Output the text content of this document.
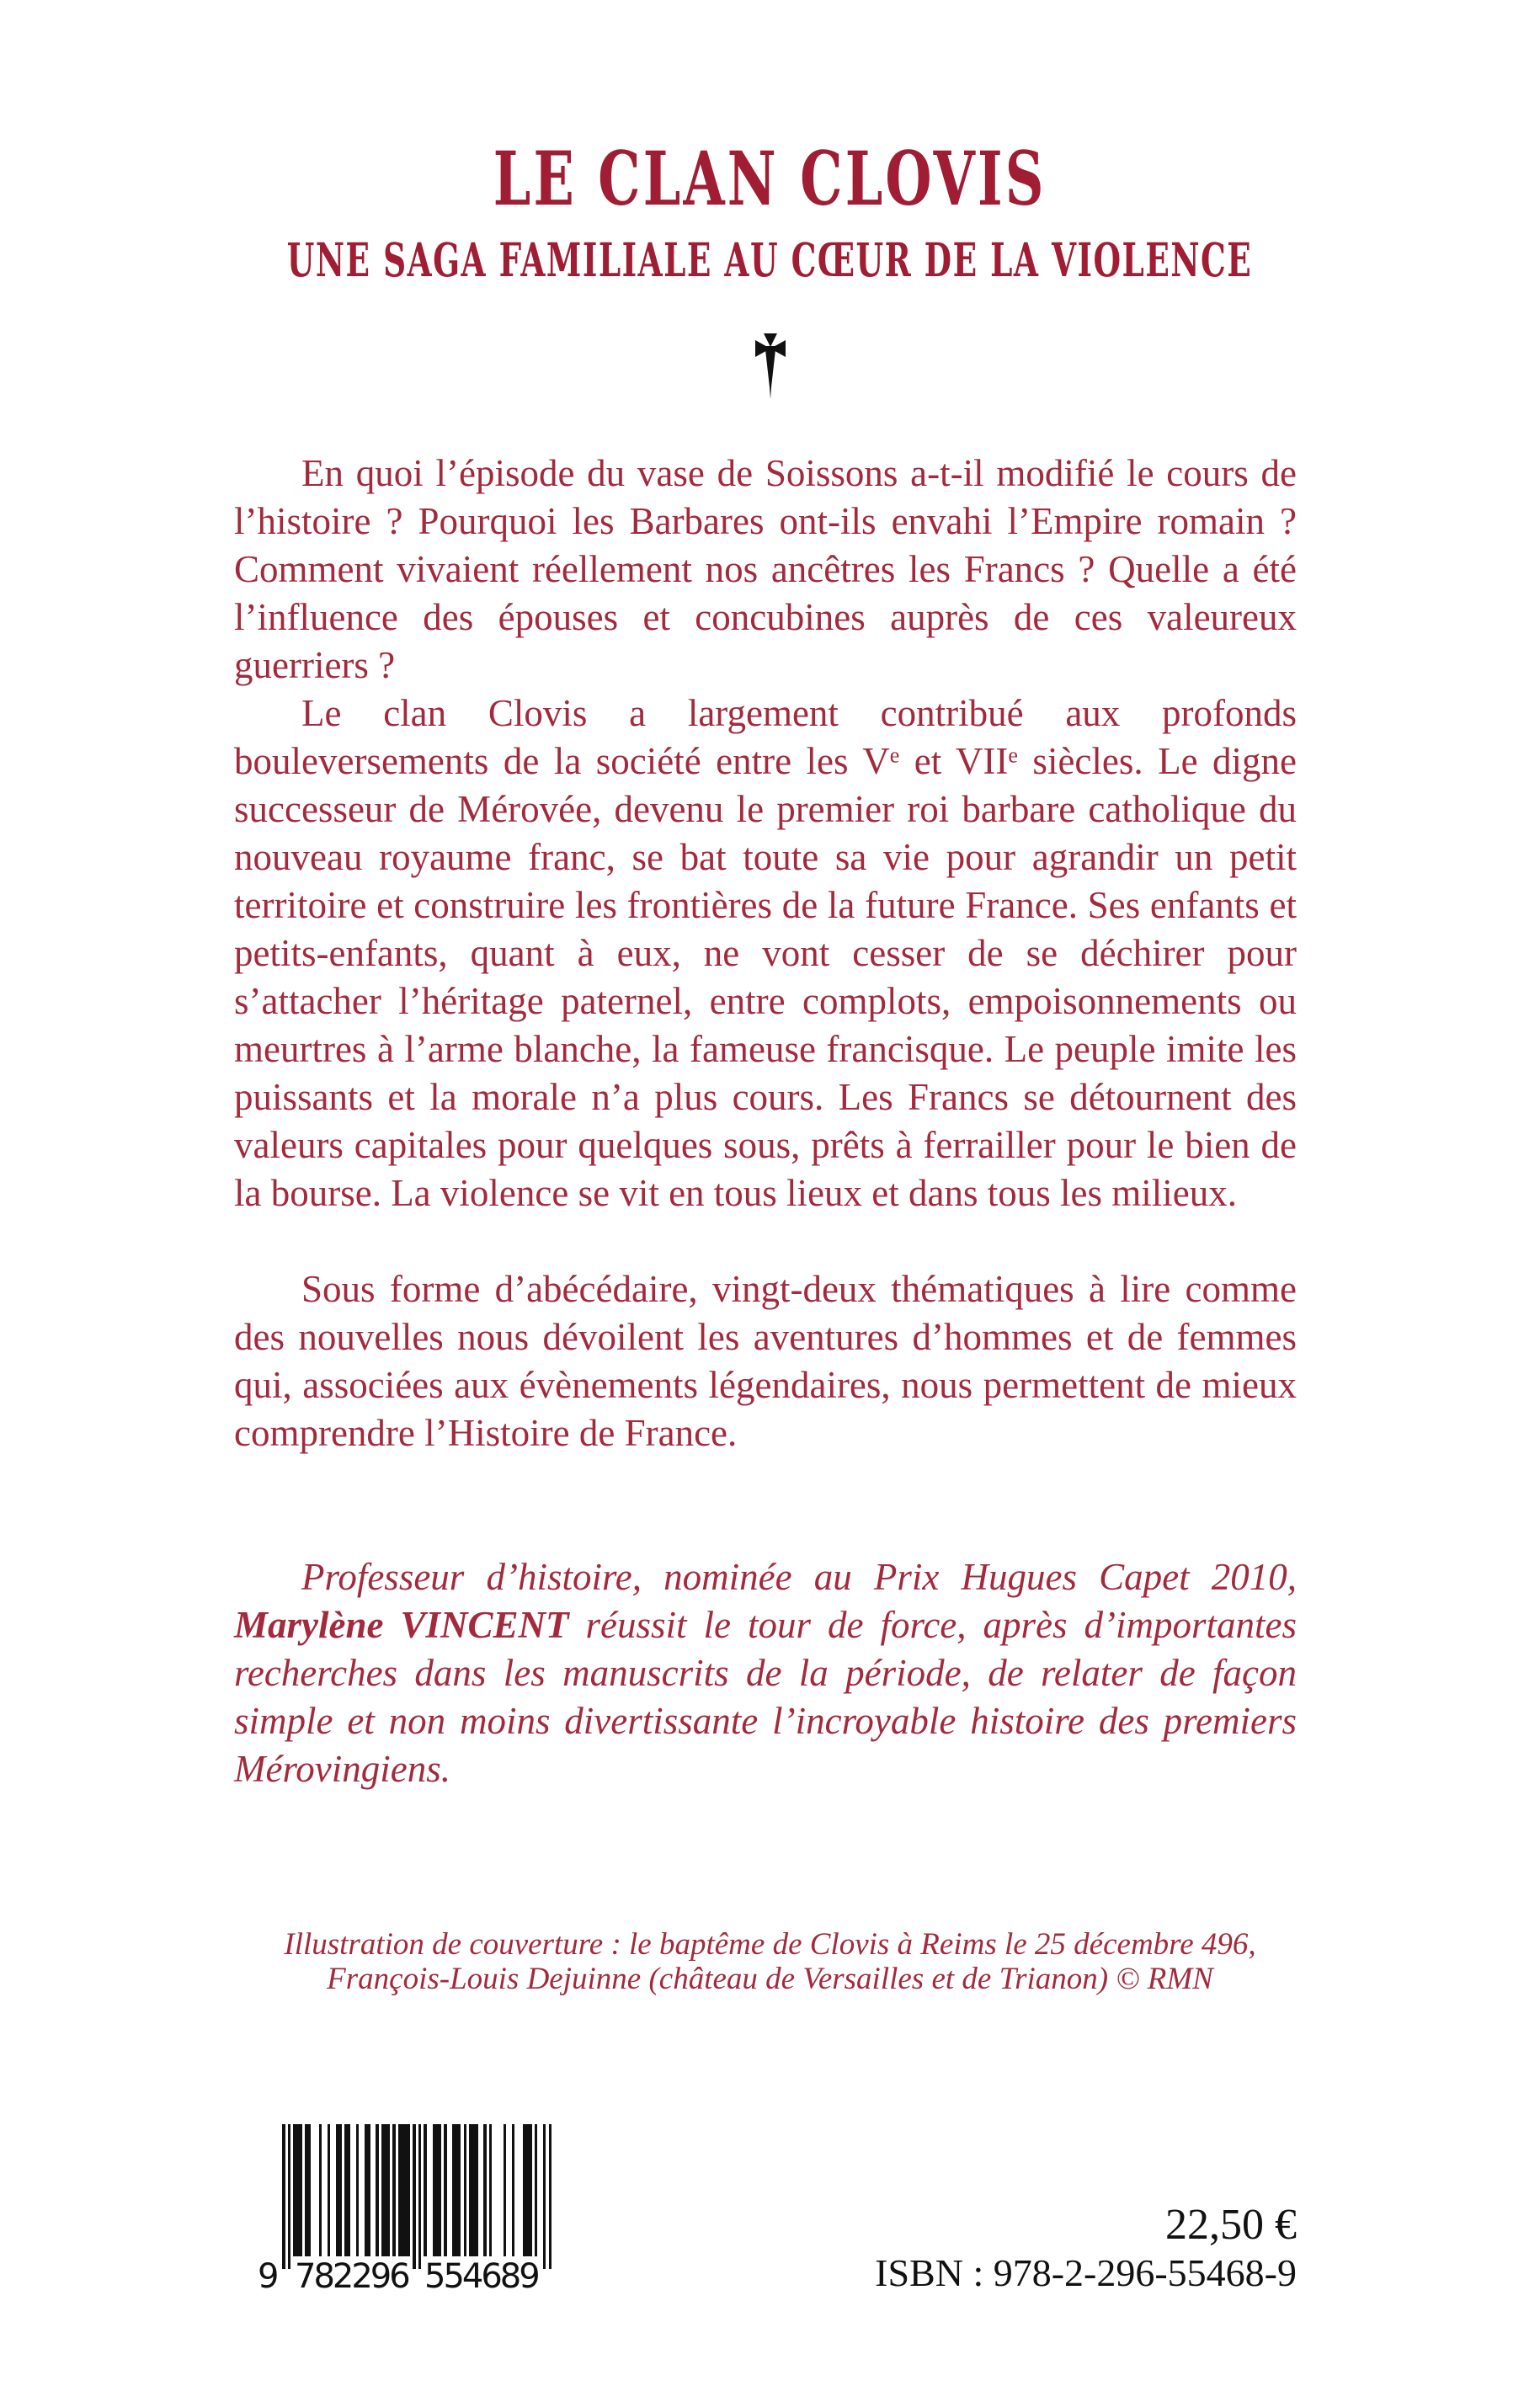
LE CLAN CLOVIS
UNE SAGA FAMILIALE AU CŒUR DE LA VIOLENCE

En quoi l’épisode du vase de Soissons a-t-il modifié le cours de l’histoire ? Pourquoi les Barbares ont-ils envahi l’Empire romain ? Comment vivaient réellement nos ancêtres les Francs ? Quelle a été l’influence des épouses et concubines auprès de ces valeureux guerriers ?

Le clan Clovis a largement contribué aux profonds bouleversements de la société entre les Ve et VIIe siècles. Le digne successeur de Mérovée, devenu le premier roi barbare catholique du nouveau royaume franc, se bat toute sa vie pour agrandir un petit territoire et construire les frontières de la future France. Ses enfants et petits-enfants, quant à eux, ne vont cesser de se déchirer pour s’attacher l’héritage paternel, entre complots, empoisonnements ou meurtres à l’arme blanche, la fameuse francisque. Le peuple imite les puissants et la morale n’a plus cours. Les Francs se détournent des valeurs capitales pour quelques sous, prêts à ferrailler pour le bien de la bourse. La violence se vit en tous lieux et dans tous les milieux.

Sous forme d’abécédaire, vingt-deux thématiques à lire comme des nouvelles nous dévoilent les aventures d’hommes et de femmes qui, associées aux évènements légendaires, nous permettent de mieux comprendre l’Histoire de France.

Professeur d’histoire, nominée au Prix Hugues Capet 2010, Marylène VINCENT réussit le tour de force, après d’importantes recherches dans les manuscrits de la période, de relater de façon simple et non moins divertissante l’incroyable histoire des premiers Mérovingiens.

Illustration de couverture : le baptême de Clovis à Reims le 25 décembre 496,
François-Louis Dejuinne (château de Versailles et de Trianon) © RMN
9 782296 554689
22,50 €
ISBN : 978-2-296-55468-9
